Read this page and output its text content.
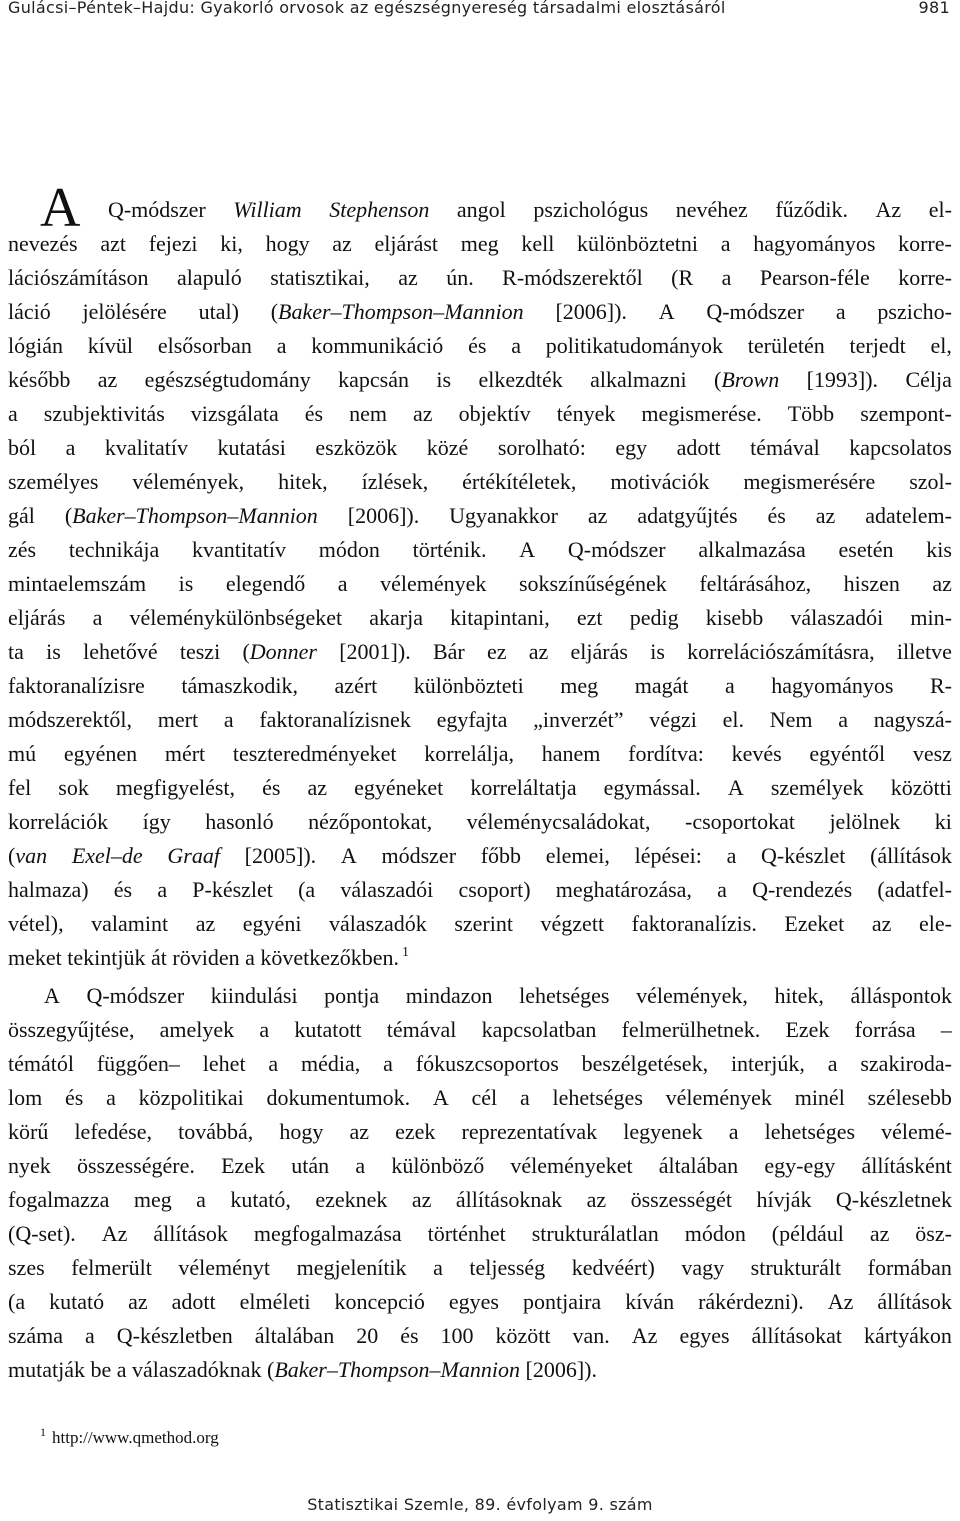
Gulácsi–Péntek–Hajdu: Gyakorló orvosok az egészségnyereség társadalmi elosztásáról	981
A Q-módszer William Stephenson angol pszichológus nevéhez fűződik. Az el-
nevezés azt fejezi ki, hogy az eljárást meg kell különböztetni a hagyományos korre-
lációszámításon alapuló statisztikai, az ún. R-módszerektől (R a Pearson-féle korre-
láció jelölésére utal) (Baker–Thompson–Mannion [2006]). A Q-módszer a pszicho-
lógián kívül elsősorban a kommunikáció és a politikatudományok területén terjedt el,
később az egészségtudomány kapcsán is elkezdték alkalmazni (Brown [1993]). Célja
a szubjektivitás vizsgálata és nem az objektív tények megismerése. Több szempont-
ból a kvalitatív kutatási eszközök közé sorolható: egy adott témával kapcsolatos
személyes vélemények, hitek, ízlések, értékítéletek, motivációk megismerésére szol-
gál (Baker–Thompson–Mannion [2006]). Ugyanakkor az adatgyűjtés és az adatelem-
zés technikája kvantitatív módon történik. A Q-módszer alkalmazása esetén kis
mintaelemszám is elegendő a vélemények sokszínűségének feltárásához, hiszen az
eljárás a véleménykülönbségeket akarja kitapintani, ezt pedig kisebb válaszadói min-
ta is lehetővé teszi (Donner [2001]). Bár ez az eljárás is korrelációszámításra, illetve
faktoranalízisre támaszkodik, azért különbözteti meg magát a hagyományos R-
módszerektől, mert a faktoranalízisnek egyfajta „inverzét” végzi el. Nem a nagyszá-
mú egyénen mért teszteredményeket korrelálja, hanem fordítva: kevés egyéntől vesz
fel sok megfigyelést, és az egyéneket korreláltatja egymással. A személyek közötti
korrelációk így hasonló nézőpontokat, véleménycsaládokat, -csoportokat jelölnek ki
(van Exel–de Graaf [2005]). A módszer főbb elemei, lépései: a Q-készlet (állítások
halmaza) és a P-készlet (a válaszadói csoport) meghatározása, a Q-rendezés (adatfel-
vétel), valamint az egyéni válaszadók szerint végzett faktoranalízis. Ezeket az ele-
meket tekintjük át röviden a következőkben. $^1$
A Q-módszer kiindulási pontja mindazon lehetséges vélemények, hitek, álláspontok
összegyűjtése, amelyek a kutatott témával kapcsolatban felmerülhetnek. Ezek forrása –
témától függően– lehet a média, a fókuszcsoportos beszélgetések, interjúk, a szakiroda-
lom és a közpolitikai dokumentumok. A cél a lehetséges vélemények minél szélesebb
körű lefedése, továbbá, hogy az ezek reprezentatívak legyenek a lehetséges vélemé-
nyek összességére. Ezek után a különböző véleményeket általában egy-egy állításként
fogalmazza meg a kutató, ezeknek az állításoknak az összességét hívják Q-készletnek
(Q-set). Az állítások megfogalmazása történhet strukturálatlan módon (például az ösz-
szes felmerült véleményt megjelenítik a teljesség kedvéért) vagy strukturált formában
(a kutató az adott elméleti koncepció egyes pontjaira kíván rákérdezni). Az állítások
száma a Q-készletben általában 20 és 100 között van. Az egyes állításokat kártyákon
mutatják be a válaszadóknak (Baker–Thompson–Mannion [2006]).
$^1$ http://www.qmethod.org
Statisztikai Szemle, 89. évfolyam 9. szám
